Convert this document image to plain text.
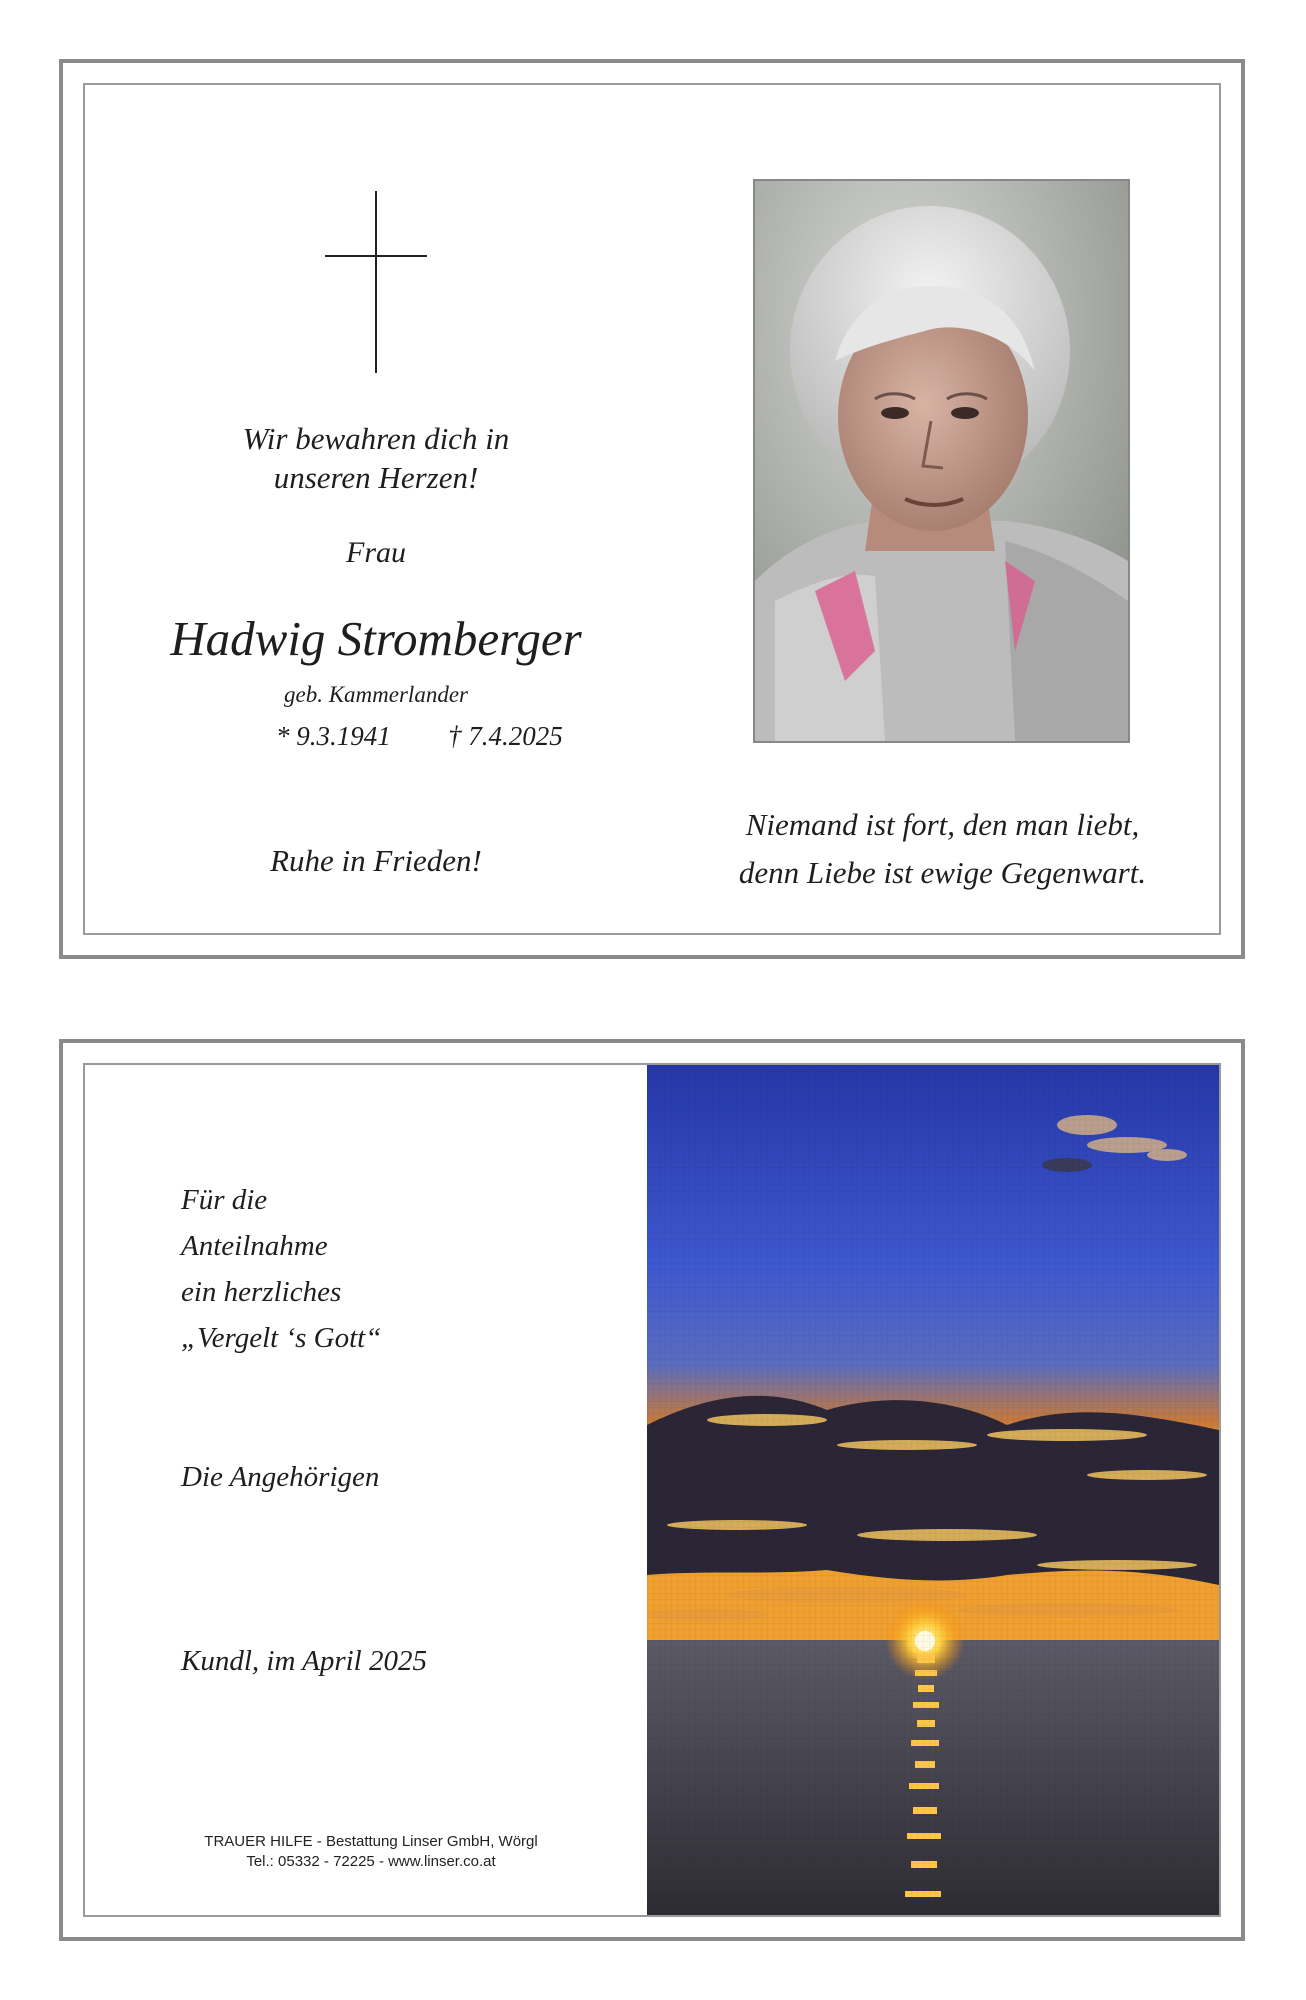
Wir bewahren dich in
unseren Herzen!
Frau
Hadwig Stromberger
geb. Kammerlander
* 9.3.1941	† 7.4.2025
Ruhe in Frieden!
Niemand ist fort, den man liebt,
denn Liebe ist ewige Gegenwart.
Für die
Anteilnahme
ein herzliches
„Vergelt ‘s Gott“
Die Angehörigen
Kundl, im April 2025
TRAUER HILFE - Bestattung Linser GmbH, Wörgl
Tel.: 05332 - 72225 - www.linser.co.at
